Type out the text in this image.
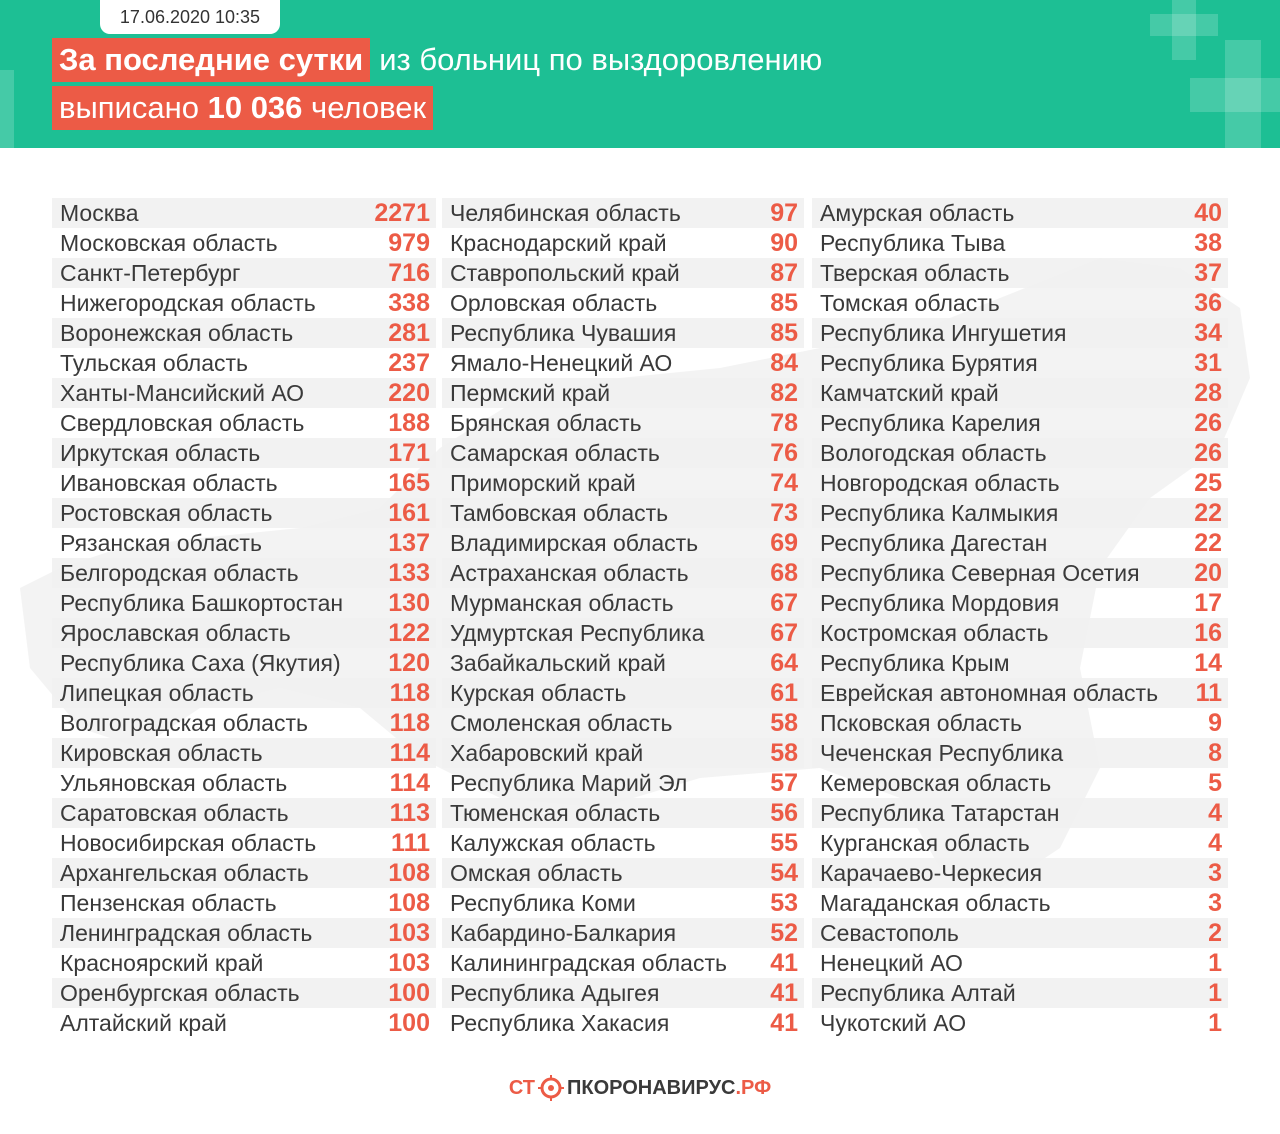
17.06.2020 10:35
За последние сутки из больниц по выздоровлению
выписано 10 036 человек
Москва	2271
Московская область	979
Санкт-Петербург	716
Нижегородская область	338
Воронежская область	281
Тульская область	237
Ханты-Мансийский АО	220
Свердловская область	188
Иркутская область	171
Ивановская область	165
Ростовская область	161
Рязанская область	137
Белгородская область	133
Республика Башкортостан 130
Ярославская область	122
Республика Саха (Якутия) 120
Липецкая область	118
Волгоградская область	118
Кировская область	114
Ульяновская область	114
Саратовская область	113
Новосибирская область	111
Архангельская область	108
Пензенская область	108
Ленинградская область	103
Красноярский край	103
Оренбургская область	100
Алтайский край	100
Челябинская область	97
Краснодарский край	90
Ставропольский край	87
Орловская область	85
Республика Чувашия	85
Ямало-Ненецкий АО	84
Пермский край	82
Брянская область	78
Самарская область	76
Приморский край	74
Тамбовская область	73
Владимирская область	69
Астраханская область	68
Мурманская область	67
Удмуртская Республика	67
Забайкальский край	64
Курская область	61
Смоленская область	58
Хабаровский край	58
Республика Марий Эл	57
Тюменская область	56
Калужская область	55
Омская область	54
Республика Коми	53
Кабардино-Балкария	52
Калининградская область 41
Республика Адыгея	41
Республика Хакасия	41
Амурская область	40
Республика Тыва	38
Тверская область	37
Томская область	36
Республика Ингушетия	34
Республика Бурятия	31
Камчатский край	28
Республика Карелия	26
Вологодская область	26
Новгородская область	25
Республика Калмыкия	22
Республика Дагестан	22
Республика Северная Осетия 20
Республика Мордовия	17
Костромская область	16
Республика Крым	14
Еврейская автономная область 11
Псковская область	9
Чеченская Республика	8
Кемеровская область	5
Республика Татарстан	4
Курганская область	4
Карачаево-Черкесия	3
Магаданская область	3
Севастополь	2
Ненецкий АО	1
Республика Алтай	1
Чукотский АО	1
СТ ПКОРОНАВИРУС .РФ
